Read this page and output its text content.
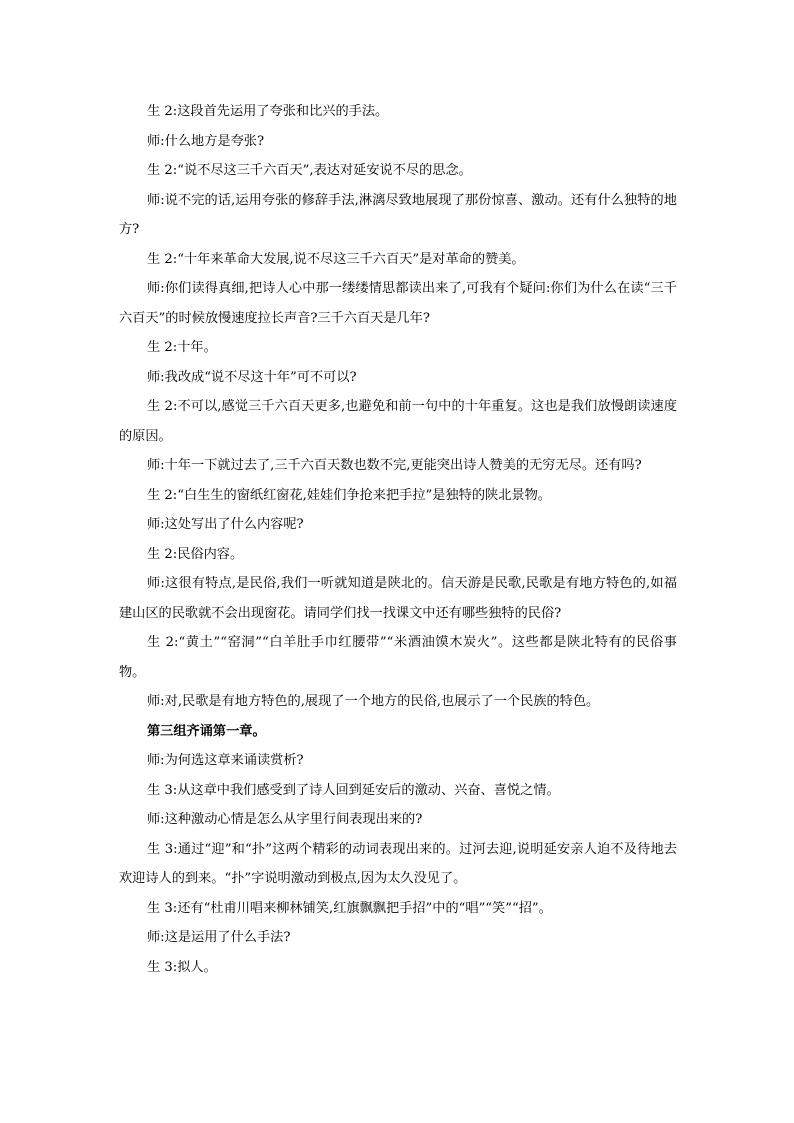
生 2:这段首先运用了夸张和比兴的手法。

师:什么地方是夸张?

生 2:“说不尽这三千六百天”,表达对延安说不尽的思念。

师:说不完的话,运用夸张的修辞手法,淋漓尽致地展现了那份惊喜、激动。还有什么独特的地方?

生 2:“十年来革命大发展,说不尽这三千六百天”是对革命的赞美。

师:你们读得真细,把诗人心中那一缕缕情思都读出来了,可我有个疑问:你们为什么在读“三千六百天”的时候放慢速度拉长声音?三千六百天是几年?

生 2:十年。

师:我改成“说不尽这十年”可不可以?

生 2:不可以,感觉三千六百天更多,也避免和前一句中的十年重复。这也是我们放慢朗读速度的原因。

师:十年一下就过去了,三千六百天数也数不完,更能突出诗人赞美的无穷无尽。还有吗?

生 2:“白生生的窗纸红窗花,娃娃们争抢来把手拉”是独特的陕北景物。

师:这处写出了什么内容呢?

生 2:民俗内容。

师:这很有特点,是民俗,我们一听就知道是陕北的。信天游是民歌,民歌是有地方特色的,如福建山区的民歌就不会出现窗花。请同学们找一找课文中还有哪些独特的民俗?

生 2:“黄土”“窑洞”“白羊肚手巾红腰带”“米酒油馍木炭火”。这些都是陕北特有的民俗事物。

师:对,民歌是有地方特色的,展现了一个地方的民俗,也展示了一个民族的特色。

第三组齐诵第一章。

师:为何选这章来诵读赏析?

生 3:从这章中我们感受到了诗人回到延安后的激动、兴奋、喜悦之情。

师:这种激动心情是怎么从字里行间表现出来的?

生 3:通过“迎”和“扑”这两个精彩的动词表现出来的。过河去迎,说明延安亲人迫不及待地去欢迎诗人的到来。“扑”字说明激动到极点,因为太久没见了。

生 3:还有“杜甫川唱来柳林铺笑,红旗飘飘把手招”中的“唱”“笑”“招”。

师:这是运用了什么手法?

生 3:拟人。
